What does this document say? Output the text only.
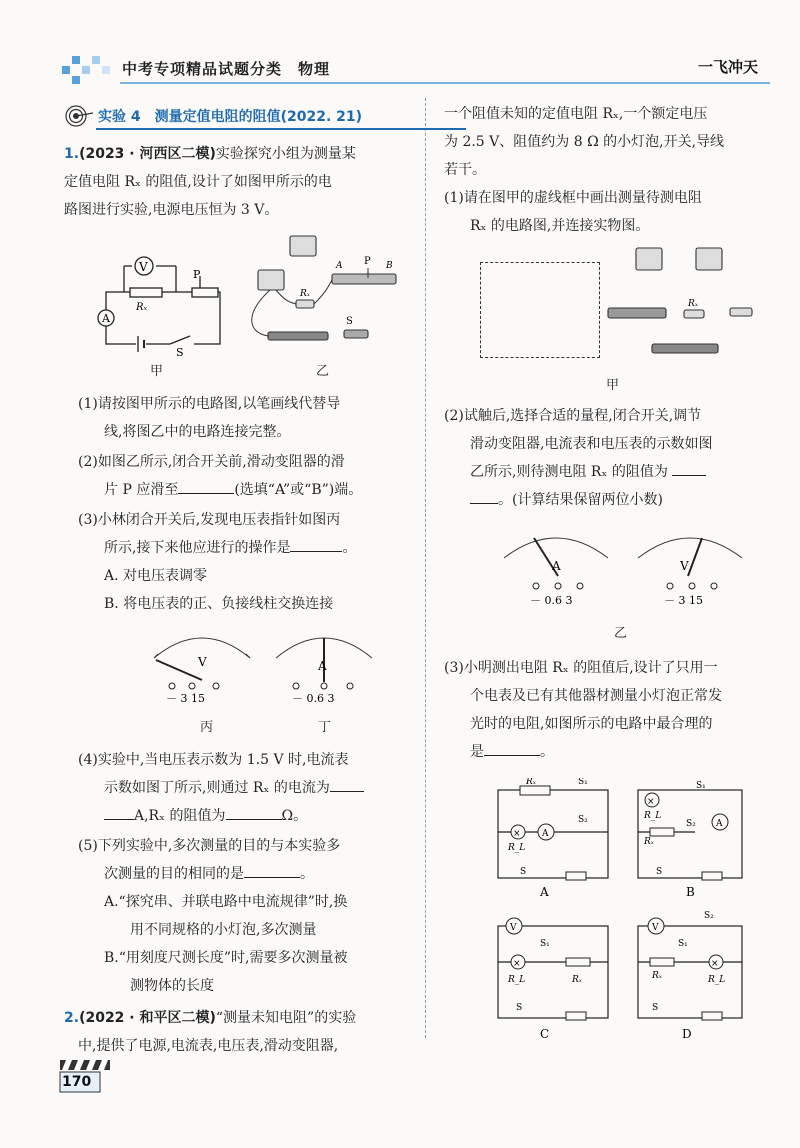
中考专项精品试题分类　物理	一飞冲天
实验 4　测量定值电阻的阻值(2022. 21)
1.(2023 · 河西区二模)实验探究小组为测量某
定值电阻 Rₓ 的阻值,设计了如图甲所示的电
路图进行实验,电源电压恒为 3 V。
V
Rₓ
P
A
S
甲
A P B
Rₓ
S
乙
(1)请按图甲所示的电路图,以笔画线代替导
线,将图乙中的电路连接完整。
(2)如图乙所示,闭合开关前,滑动变阻器的滑
片 P 应滑至	(选填“A”或“B”)端。
(3)小林闭合开关后,发现电压表指针如图丙
所示,接下来他应进行的操作是	。
A. 对电压表调零
B. 将电压表的正、负接线柱交换连接
V
－ 3 15
丙
A
－ 0.6 3
丁
(4)实验中,当电压表示数为 1.5 V 时,电流表
示数如图丁所示,则通过 Rₓ 的电流为
A,Rₓ 的阻值为	Ω。
(5)下列实验中,多次测量的目的与本实验多
次测量的目的相同的是	。
A.“探究串、并联电路中电流规律”时,换
用不同规格的小灯泡,多次测量
B.“用刻度尺测长度”时,需要多次测量被
测物体的长度
2.(2022 · 和平区二模)“测量未知电阻”的实验
中,提供了电源,电流表,电压表,滑动变阻器,
170
一个阻值未知的定值电阻 Rₓ,一个额定电压
为 2.5 V、阻值约为 8 Ω 的小灯泡,开关,导线
若干。
(1)请在图甲的虚线框中画出测量待测电阻
Rₓ 的电路图,并连接实物图。
Rₓ
甲
(2)试触后,选择合适的量程,闭合开关,调节
滑动变阻器,电流表和电压表的示数如图
乙所示,则待测电阻 Rₓ 的阻值为
。(计算结果保留两位小数)
A
－ 0.6 3
V
－ 3 15
乙
(3)小明测出电阻 Rₓ 的阻值后,设计了只用一
个电表及已有其他器材测量小灯泡正常发
光时的电阻,如图所示的电路中最合理的
是	。
Rₓ	S₁
× A
S₂
R_L
S
A
×
R_L
S₁
Rₓ
S₂ A
S
B
V
S₁
×
R_L	Rₓ
S
C
V
S₂
S₁
Rₓ
×
R_L
S
D
